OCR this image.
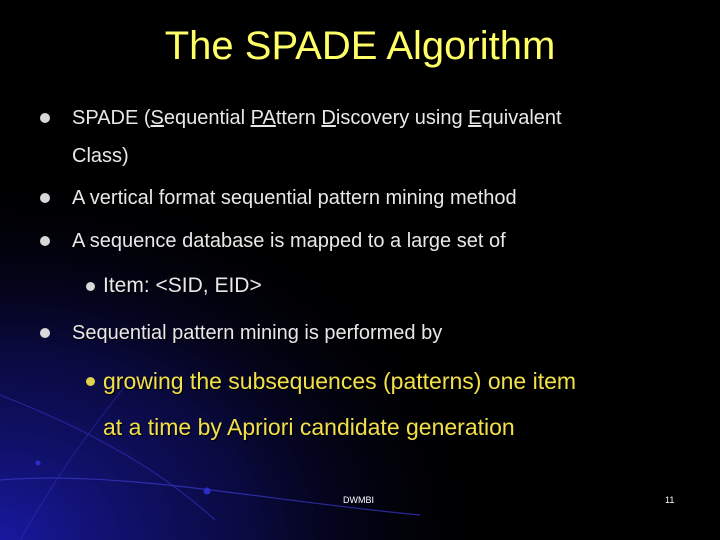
The SPADE Algorithm
SPADE (Sequential PAttern Discovery using Equivalent
Class)
A vertical format sequential pattern mining method
A sequence database is mapped to a large set of
Item: <SID, EID>
Sequential pattern mining is performed by
growing the subsequences (patterns) one item
at a time by Apriori candidate generation
DWMBI	11
